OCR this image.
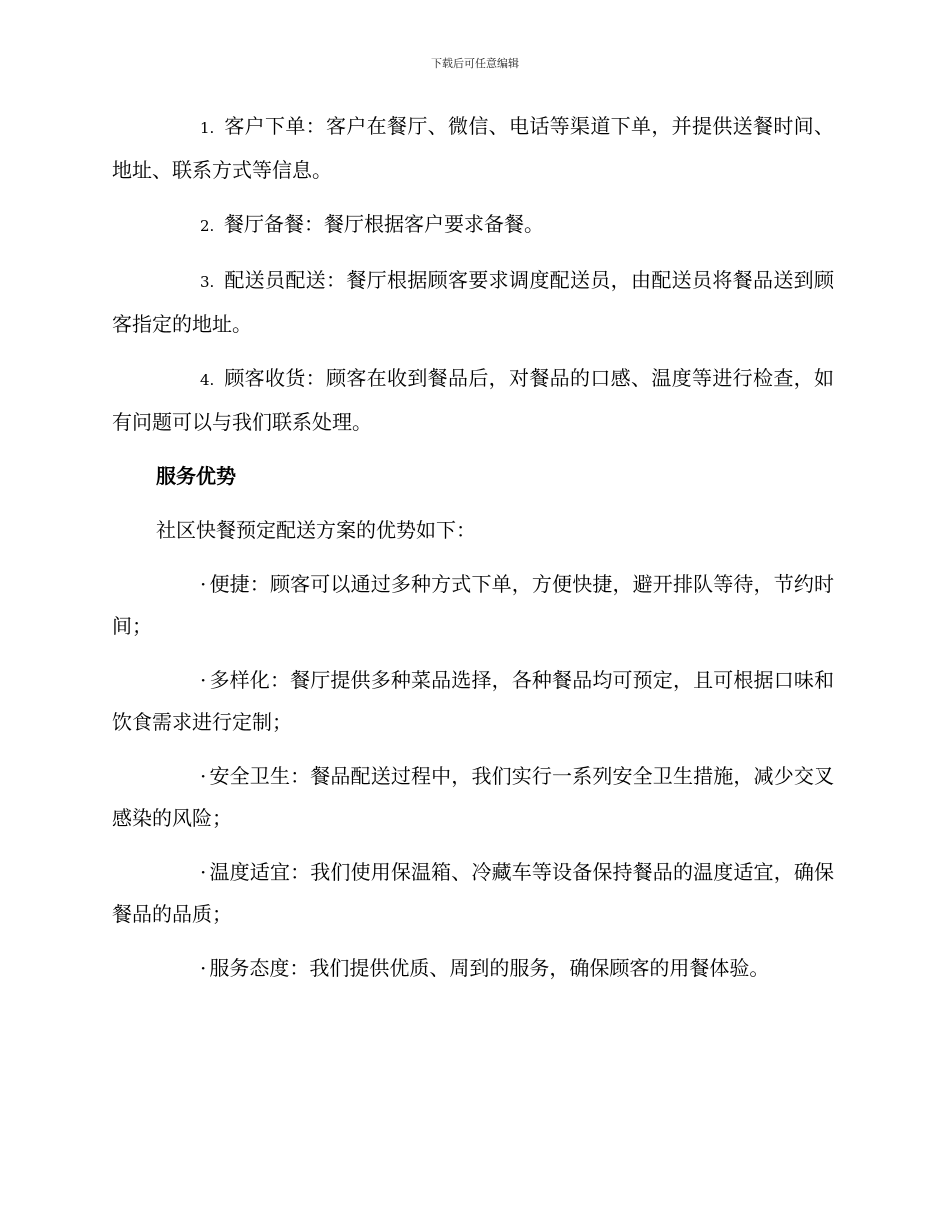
下载后可任意编辑

1. 客户下单：客户在餐厅、微信、电话等渠道下单，并提供送餐时间、地址、联系方式等信息。

2. 餐厅备餐：餐厅根据客户要求备餐。

3. 配送员配送：餐厅根据顾客要求调度配送员，由配送员将餐品送到顾客指定的地址。

4. 顾客收货：顾客在收到餐品后，对餐品的口感、温度等进行检查，如有问题可以与我们联系处理。

服务优势

社区快餐预定配送方案的优势如下：

· 便捷：顾客可以通过多种方式下单，方便快捷，避开排队等待，节约时间；

· 多样化：餐厅提供多种菜品选择，各种餐品均可预定，且可根据口味和饮食需求进行定制；

· 安全卫生：餐品配送过程中，我们实行一系列安全卫生措施，减少交叉感染的风险；

· 温度适宜：我们使用保温箱、冷藏车等设备保持餐品的温度适宜，确保餐品的品质；

· 服务态度：我们提供优质、周到的服务，确保顾客的用餐体验。
